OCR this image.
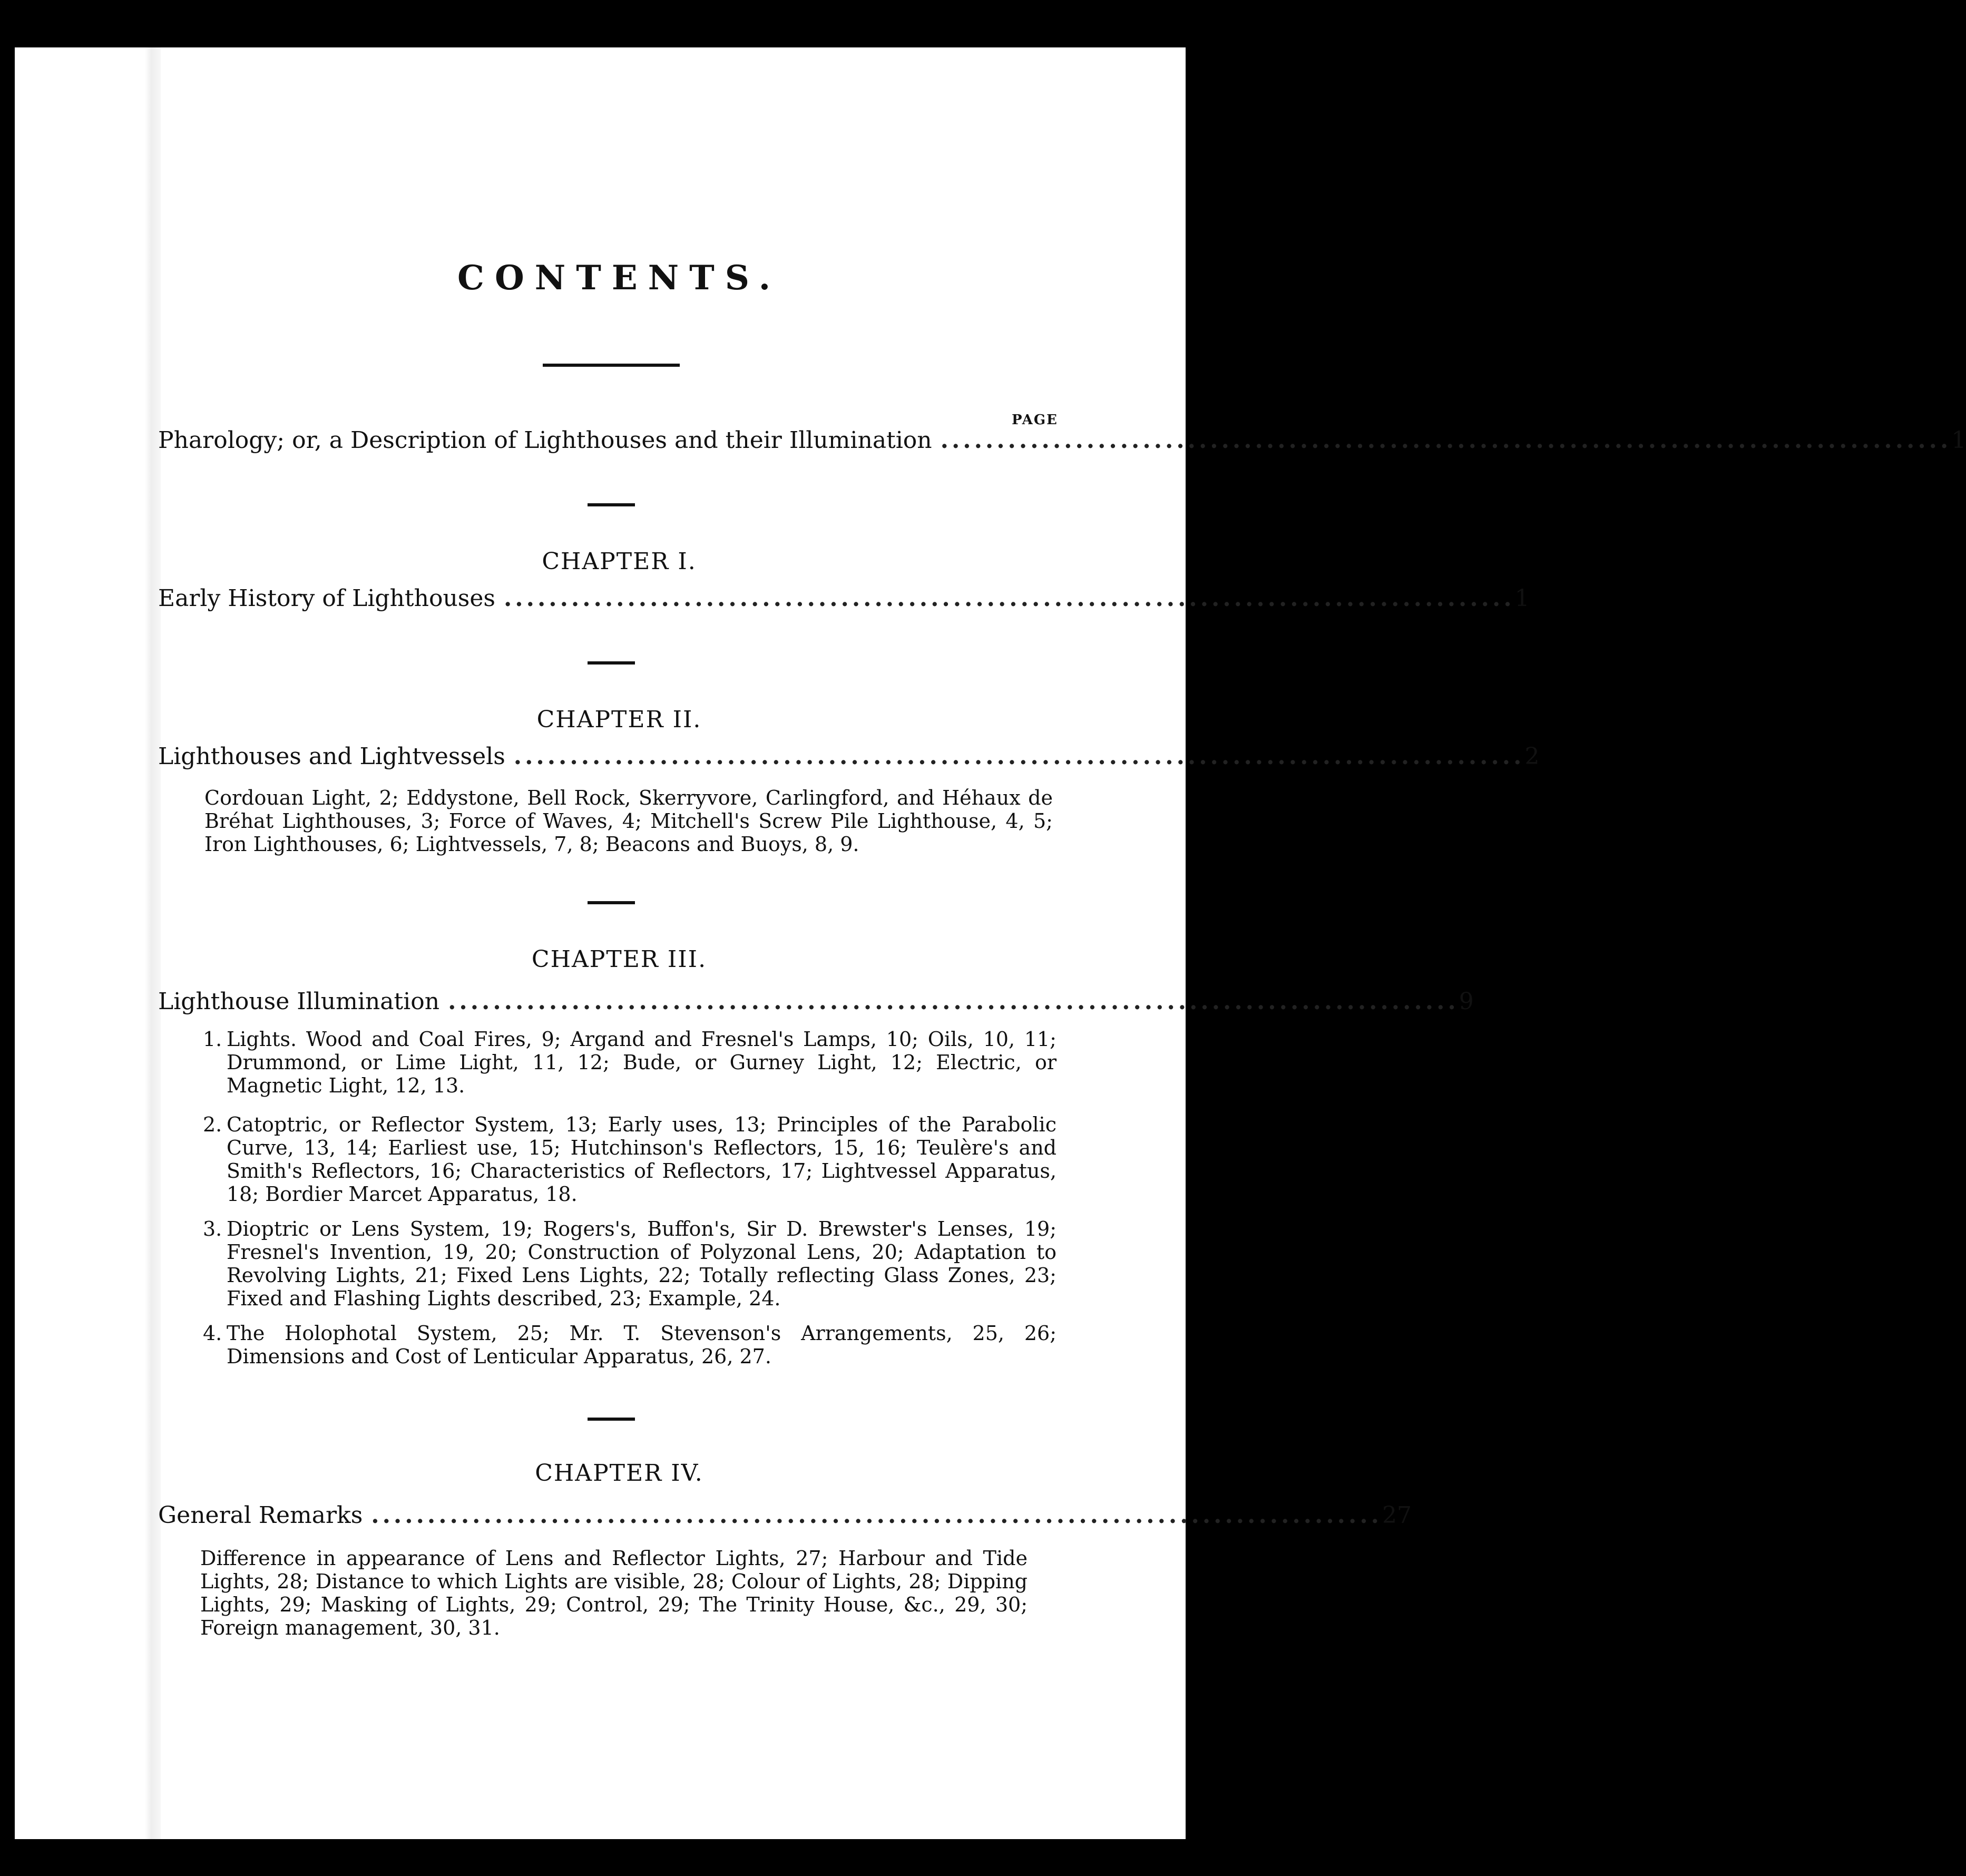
CONTENTS.
PAGE
Pharology; or, a Description of Lighthouses and their Illumination .......................................................................................... 1
CHAPTER I.
Early History of Lighthouses .......................................................................................... 1
CHAPTER II.
Lighthouses and Lightvessels .......................................................................................... 2
Cordouan Light, 2; Eddystone, Bell Rock, Skerryvore, Carlingford, and Héhaux de Bréhat Lighthouses, 3; Force of Waves, 4; Mitchell's Screw Pile Lighthouse, 4, 5; Iron Lighthouses, 6; Lightvessels, 7, 8; Beacons and Buoys, 8, 9.
CHAPTER III.
Lighthouse Illumination .......................................................................................... 9
1. Lights. Wood and Coal Fires, 9; Argand and Fresnel's Lamps, 10; Oils, 10, 11; Drummond, or Lime Light, 11, 12; Bude, or Gurney Light, 12; Electric, or Magnetic Light, 12, 13.
2. Catoptric, or Reflector System, 13; Early uses, 13; Principles of the Parabolic Curve, 13, 14; Earliest use, 15; Hutchinson's Reflectors, 15, 16; Teulère's and Smith's Reflectors, 16; Characteristics of Reflectors, 17; Lightvessel Apparatus, 18; Bordier Marcet Apparatus, 18.
3. Dioptric or Lens System, 19; Rogers's, Buffon's, Sir D. Brewster's Lenses, 19; Fresnel's Invention, 19, 20; Construction of Polyzonal Lens, 20; Adaptation to Revolving Lights, 21; Fixed Lens Lights, 22; Totally reflecting Glass Zones, 23; Fixed and Flashing Lights described, 23; Example, 24.
4. The Holophotal System, 25; Mr. T. Stevenson's Arrangements, 25, 26; Dimensions and Cost of Lenticular Apparatus, 26, 27.
CHAPTER IV.
General Remarks .......................................................................................... 27
Difference in appearance of Lens and Reflector Lights, 27; Harbour and Tide Lights, 28; Distance to which Lights are visible, 28; Colour of Lights, 28; Dipping Lights, 29; Masking of Lights, 29; Control, 29; The Trinity House, &c., 29, 30; Foreign management, 30, 31.
